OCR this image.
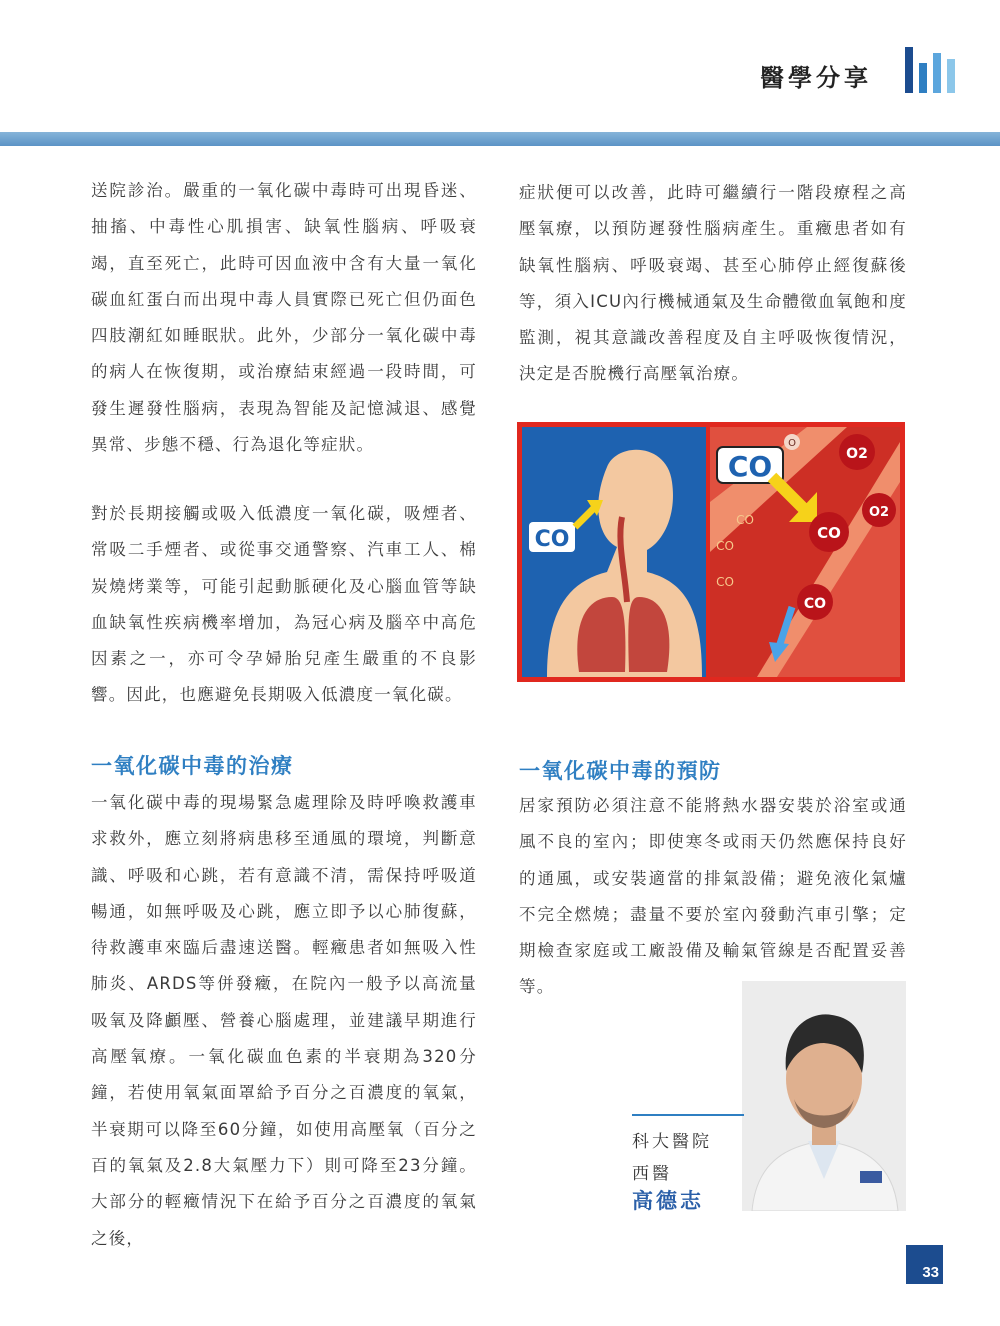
醫學分享

送院診治。嚴重的一氧化碳中毒時可出現昏迷、抽搐、中毒性心肌損害、缺氧性腦病、呼吸衰竭，直至死亡，此時可因血液中含有大量一氧化碳血紅蛋白而出現中毒人員實際已死亡但仍面色四肢潮紅如睡眠狀。此外，少部分一氧化碳中毒的病人在恢復期，或治療結束經過一段時間，可發生遲發性腦病，表現為智能及記憶減退、感覺異常、步態不穩、行為退化等症狀。

對於長期接觸或吸入低濃度一氧化碳，吸煙者、常吸二手煙者、或從事交通警察、汽車工人、棉炭燒烤業等，可能引起動脈硬化及心腦血管等缺血缺氧性疾病機率增加，為冠心病及腦卒中高危因素之一，亦可令孕婦胎兒產生嚴重的不良影響。因此，也應避免長期吸入低濃度一氧化碳。

一氧化碳中毒的治療

一氧化碳中毒的現場緊急處理除及時呼喚救護車求救外，應立刻將病患移至通風的環境，判斷意識、呼吸和心跳，若有意識不清，需保持呼吸道暢通，如無呼吸及心跳，應立即予以心肺復蘇，待救護車來臨后盡速送醫。輕癥患者如無吸入性肺炎、ARDS等併發癥，在院內一般予以高流量吸氧及降顱壓、營養心腦處理，並建議早期進行高壓氧療。一氧化碳血色素的半衰期為320分鐘，若使用氧氣面罩給予百分之百濃度的氧氣，半衰期可以降至60分鐘，如使用高壓氧（百分之百的氧氣及2.8大氣壓力下）則可降至23分鐘。大部分的輕癥情況下在給予百分之百濃度的氧氣之後，

症狀便可以改善，此時可繼續行一階段療程之高壓氧療，以預防遲發性腦病產生。重癥患者如有缺氧性腦病、呼吸衰竭、甚至心肺停止經復蘇後等，須入ICU內行機械通氣及生命體徵血氧飽和度監測，視其意識改善程度及自主呼吸恢復情況，決定是否脫機行高壓氧治療。

CO
CO	O2
O2
CO
CO
O
CO
CO
CO
一氧化碳中毒的預防

居家預防必須注意不能將熱水器安裝於浴室或通風不良的室內；即使寒冬或雨天仍然應保持良好的通風，或安裝適當的排氣設備；避免液化氣爐不完全燃燒；盡量不要於室內發動汽車引擎；定期檢查家庭或工廠設備及輸氣管線是否配置妥善等。

科大醫院
西醫
高德志
33
